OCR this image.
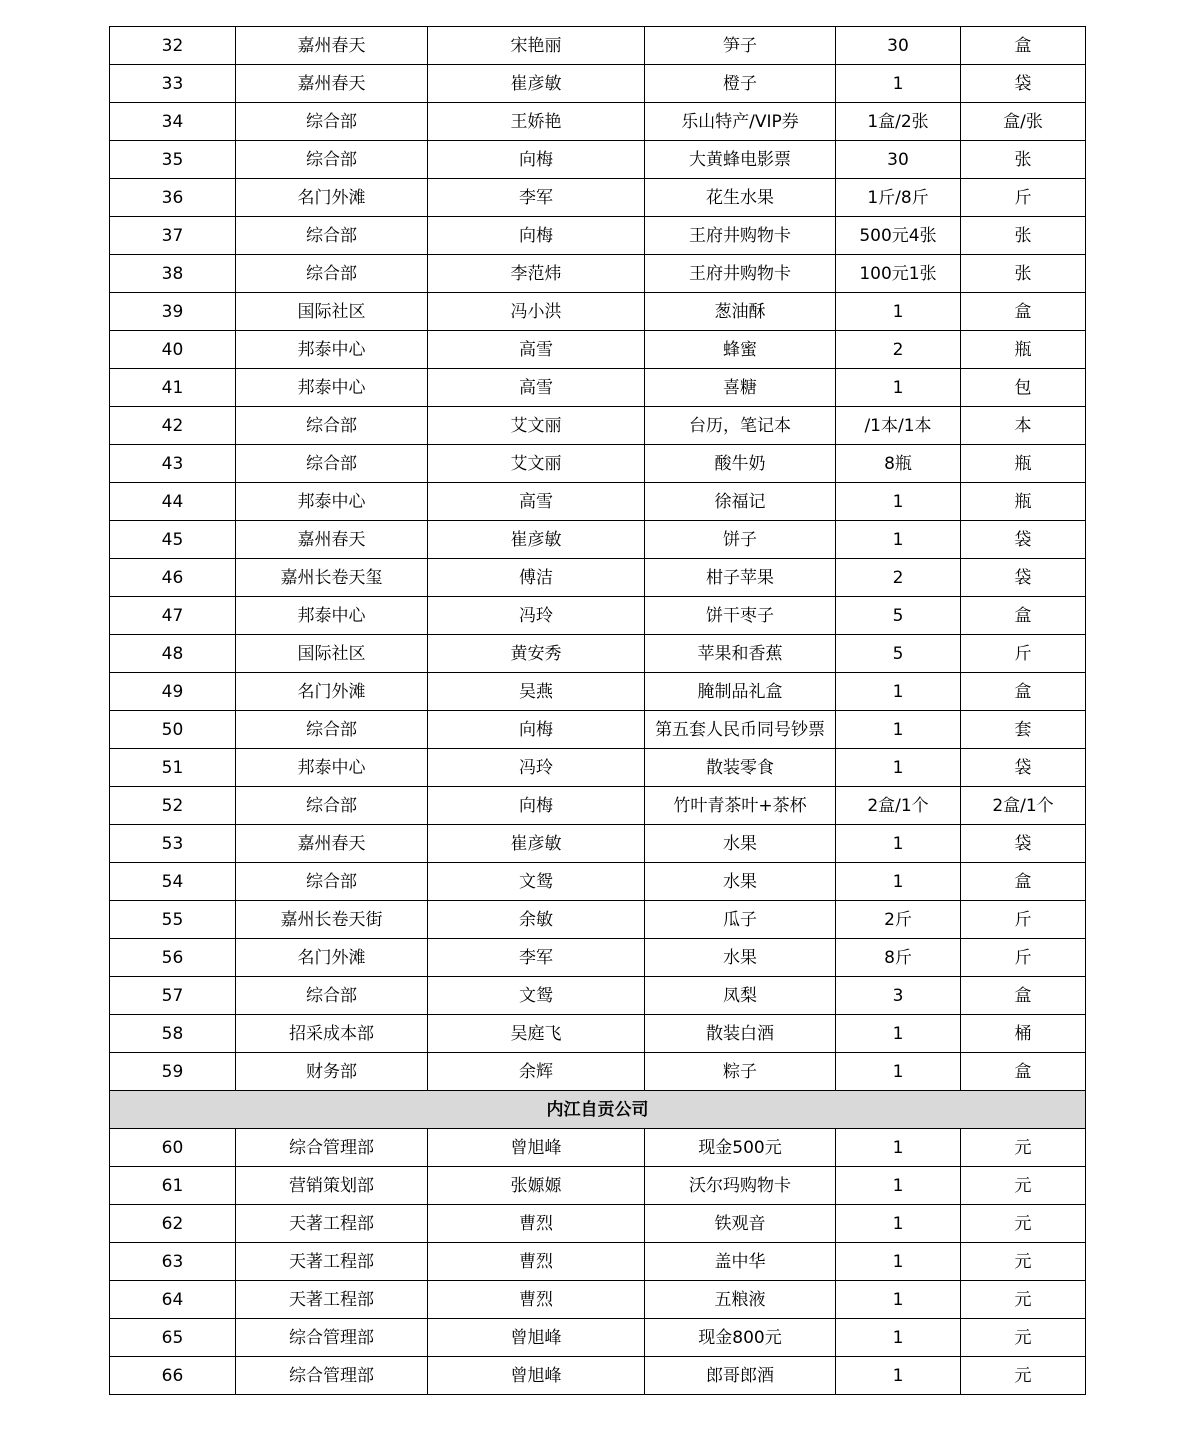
32	嘉州春天	宋艳丽	笋子	30	盒
33	嘉州春天	崔彦敏	橙子	1	袋
34	综合部	王娇艳	乐山特产/VIP券	1盒/2张	盒/张
35	综合部	向梅	大黄蜂电影票	30	张
36	名门外滩	李军	花生水果	1斤/8斤	斤
37	综合部	向梅	王府井购物卡	500元4张	张
38	综合部	李范炜	王府井购物卡	100元1张	张
39	国际社区	冯小洪	葱油酥	1	盒
40	邦泰中心	高雪	蜂蜜	2	瓶
41	邦泰中心	高雪	喜糖	1	包
42	综合部	艾文丽	台历，笔记本	/1本/1本	本
43	综合部	艾文丽	酸牛奶	8瓶	瓶
44	邦泰中心	高雪	徐福记	1	瓶
45	嘉州春天	崔彦敏	饼子	1	袋
46	嘉州长卷天玺	傅洁	柑子苹果	2	袋
47	邦泰中心	冯玲	饼干枣子	5	盒
48	国际社区	黄安秀	苹果和香蕉	5	斤
49	名门外滩	吴燕	腌制品礼盒	1	盒
50	综合部	向梅	第五套人民币同号钞票	1	套
51	邦泰中心	冯玲	散装零食	1	袋
52	综合部	向梅	竹叶青茶叶+茶杯	2盒/1个	2盒/1个
53	嘉州春天	崔彦敏	水果	1	袋
54	综合部	文鸳	水果	1	盒
55	嘉州长卷天街	余敏	瓜子	2斤	斤
56	名门外滩	李军	水果	8斤	斤
57	综合部	文鸳	凤梨	3	盒
58	招采成本部	吴庭飞	散装白酒	1	桶
59	财务部	余辉	粽子	1	盒
内江自贡公司					
60	综合管理部	曾旭峰	现金500元	1	元
61	营销策划部	张嫄嫄	沃尔玛购物卡	1	元
62	天著工程部	曹烈	铁观音	1	元
63	天著工程部	曹烈	盖中华	1	元
64	天著工程部	曹烈	五粮液	1	元
65	综合管理部	曾旭峰	现金800元	1	元
66	综合管理部	曾旭峰	郎哥郎酒	1	元
